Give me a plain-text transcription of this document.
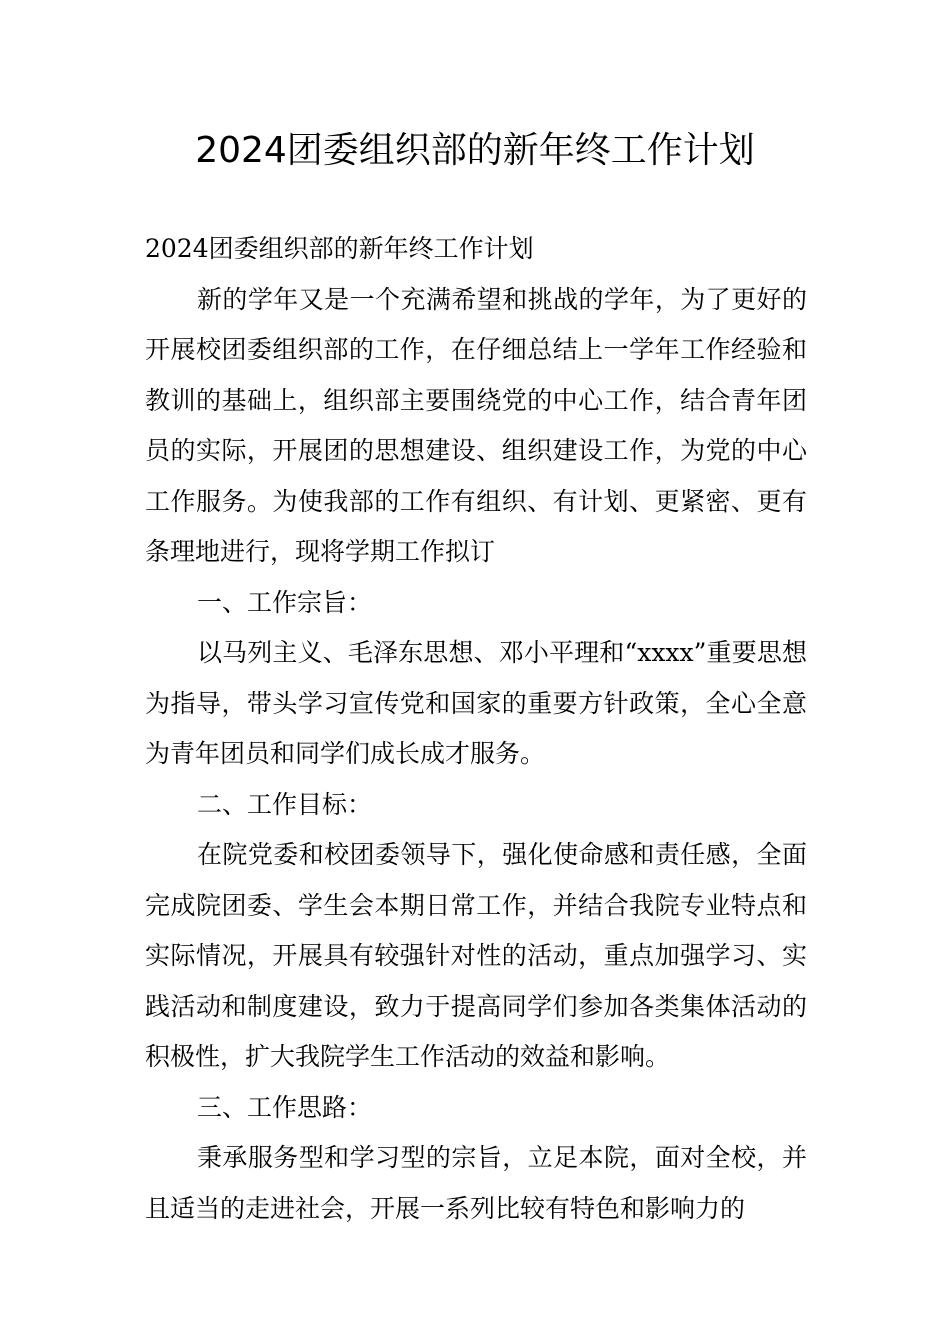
2024团委组织部的新年终工作计划

2024团委组织部的新年终工作计划

新的学年又是一个充满希望和挑战的学年，为了更好的开展校团委组织部的工作，在仔细总结上一学年工作经验和教训的基础上，组织部主要围绕党的中心工作，结合青年团员的实际，开展团的思想建设、组织建设工作，为党的中心工作服务。为使我部的工作有组织、有计划、更紧密、更有条理地进行，现将学期工作拟订

一、工作宗旨：

以马列主义、毛泽东思想、邓小平理和“xxxx”重要思想为指导，带头学习宣传党和国家的重要方针政策，全心全意为青年团员和同学们成长成才服务。

二、工作目标：

在院党委和校团委领导下，强化使命感和责任感，全面完成院团委、学生会本期日常工作，并结合我院专业特点和实际情况，开展具有较强针对性的活动，重点加强学习、实践活动和制度建设，致力于提高同学们参加各类集体活动的积极性，扩大我院学生工作活动的效益和影响。

三、工作思路：

秉承服务型和学习型的宗旨，立足本院，面对全校，并且适当的走进社会，开展一系列比较有特色和影响力的
